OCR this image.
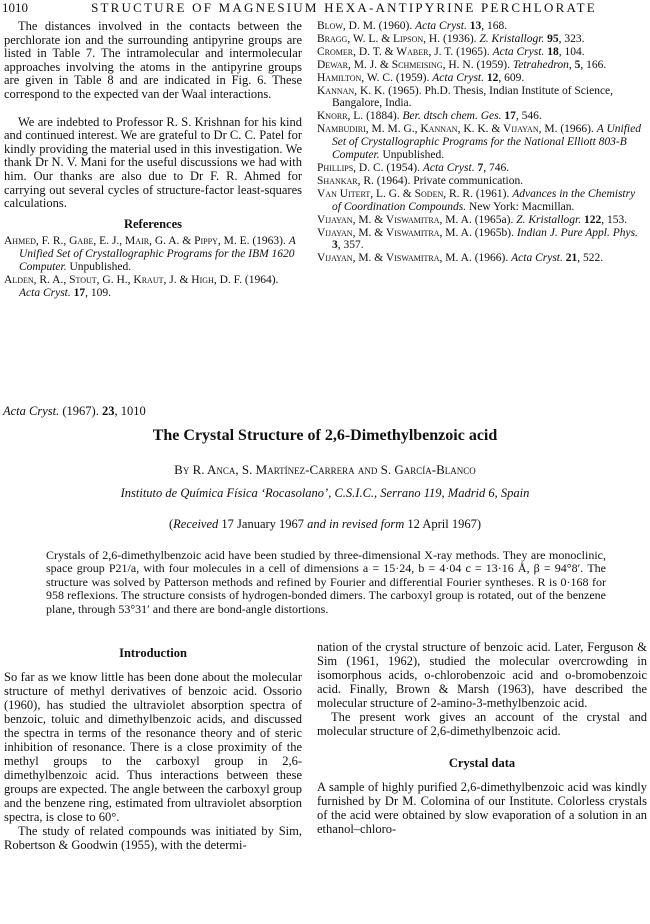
1010	STRUCTURE OF MAGNESIUM HEXA-ANTIPYRINE PERCHLORATE

The distances involved in the contacts between the perchlorate ion and the surrounding antipyrine groups are listed in Table 7. The intramolecular and intermolecular approaches involving the atoms in the antipyrine groups are given in Table 8 and are indicated in Fig. 6. These correspond to the expected van der Waal interactions.

We are indebted to Professor R. S. Krishnan for his kind and continued interest. We are grateful to Dr C. C. Patel for kindly providing the material used in this investigation. We thank Dr N. V. Mani for the useful discussions we had with him. Our thanks are also due to Dr F. R. Ahmed for carrying out several cycles of structure-factor least-squares calculations.

References
Ahmed, F. R., Gabe, E. J., Mair, G. A. & Pippy, M. E. (1963). A Unified Set of Crystallographic Programs for the IBM 1620 Computer. Unpublished.
Alden, R. A., Stout, G. H., Kraut, J. & High, D. F. (1964). Acta Cryst. 17, 109.
Blow, D. M. (1960). Acta Cryst. 13, 168.
Bragg, W. L. & Lipson, H. (1936). Z. Kristallogr. 95, 323.
Cromer, D. T. & Waber, J. T. (1965). Acta Cryst. 18, 104.
Dewar, M. J. & Schmeising, H. N. (1959). Tetrahedron, 5, 166.
Hamilton, W. C. (1959). Acta Cryst. 12, 609.
Kannan, K. K. (1965). Ph.D. Thesis, Indian Institute of Science, Bangalore, India.
Knorr, L. (1884). Ber. dtsch chem. Ges. 17, 546.
Nambudiri, M. M. G., Kannan, K. K. & Vijayan, M. (1966). A Unified Set of Crystallographic Programs for the National Elliott 803-B Computer. Unpublished.
Phillips, D. C. (1954). Acta Cryst. 7, 746.
Shankar, R. (1964). Private communication.
Van Uitert, L. G. & Soden, R. R. (1961). Advances in the Chemistry of Coordination Compounds. New York: Macmillan.
Vijayan, M. & Viswamitra, M. A. (1965a). Z. Kristallogr. 122, 153.
Vijayan, M. & Viswamitra, M. A. (1965b). Indian J. Pure Appl. Phys. 3, 357.
Vijayan, M. & Viswamitra, M. A. (1966). Acta Cryst. 21, 522.
Acta Cryst. (1967). 23, 1010
The Crystal Structure of 2,6-Dimethylbenzoic acid
By R. Anca, S. Martínez-Carrera and S. García-Blanco
Instituto de Química Física ‘Rocasolano’, C.S.I.C., Serrano 119, Madrid 6, Spain
(Received 17 January 1967 and in revised form 12 April 1967)
Crystals of 2,6-dimethylbenzoic acid have been studied by three-dimensional X-ray methods. They are monoclinic, space group P21/a, with four molecules in a cell of dimensions a = 15·24, b = 4·04 c = 13·16 Å, β = 94°8′. The structure was solved by Patterson methods and refined by Fourier and differential Fourier syntheses. R is 0·168 for 958 reflexions. The structure consists of hydrogen-bonded dimers. The carboxyl group is rotated, out of the benzene plane, through 53°31′ and there are bond-angle distortions.
Introduction

So far as we know little has been done about the molecular structure of methyl derivatives of benzoic acid. Ossorio (1960), has studied the ultraviolet absorption spectra of benzoic, toluic and dimethylbenzoic acids, and discussed the spectra in terms of the resonance theory and of steric inhibition of resonance. There is a close proximity of the methyl groups to the carboxyl group in 2,6-dimethylbenzoic acid. Thus interactions between these groups are expected. The angle between the carboxyl group and the benzene ring, estimated from ultraviolet absorption spectra, is close to 60°.

The study of related compounds was initiated by Sim, Robertson & Goodwin (1955), with the determi-

nation of the crystal structure of benzoic acid. Later, Ferguson & Sim (1961, 1962), studied the molecular overcrowding in isomorphous acids, o-chlorobenzoic acid and o-bromobenzoic acid. Finally, Brown & Marsh (1963), have described the molecular structure of 2-amino-3-methylbenzoic acid.

The present work gives an account of the crystal and molecular structure of 2,6-dimethylbenzoic acid.

Crystal data

A sample of highly purified 2,6-dimethylbenzoic acid was kindly furnished by Dr M. Colomina of our Institute. Colorless crystals of the acid were obtained by slow evaporation of a solution in an ethanol–chloro-
